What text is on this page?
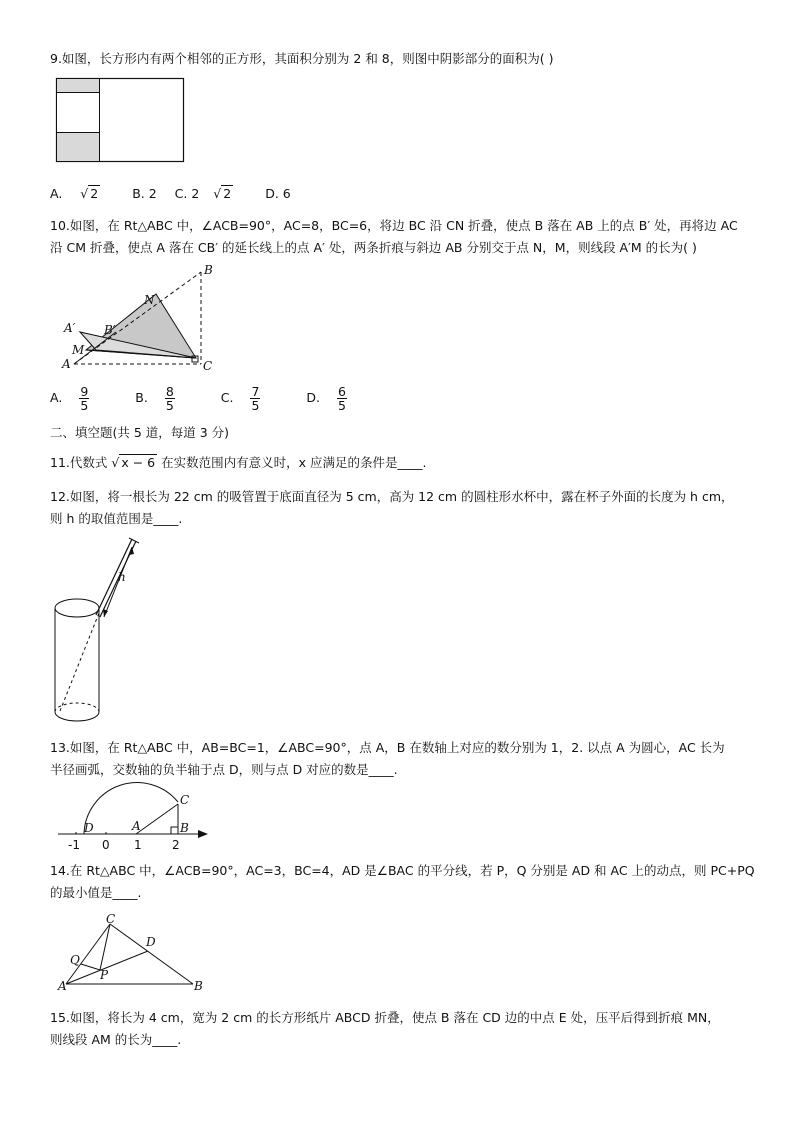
9.如图，长方形内有两个相邻的正方形，其面积分别为 2 和 8，则图中阴影部分的面积为( )
A. √ 2	B. 2 C. 2 √ 2	D. 6
10.如图，在 Rt△ABC 中，∠ACB=90°，AC=8，BC=6，将边 BC 沿 CN 折叠，使点 B 落在 AB 上的点 B′ 处，再将边 AC
沿 CM 折叠，使点 A 落在 CB′ 的延长线上的点 A′ 处，两条折痕与斜边 AB 分别交于点 N，M，则线段 A′M 的长为( )
A
A′
M
B′
N
B
C
A. $\frac{9}{5}$	B. $\frac{8}{5}$	C. $\frac{7}{5}$	D. $\frac{6}{5}$
二、填空题(共 5 道，每道 3 分)
11.代数式 √ x − 6 在实数范围内有意义时，x 应满足的条件是____.
12.如图，将一根长为 22 cm 的吸管置于底面直径为 5 cm，高为 12 cm 的圆柱形水杯中，露在杯子外面的长度为 h cm，
则 h 的取值范围是____.
h
13.如图，在 Rt△ABC 中，AB=BC=1，∠ABC=90°，点 A，B 在数轴上对应的数分别为 1，2. 以点 A 为圆心，AC 长为
半径画弧，交数轴的负半轴于点 D，则与点 D 对应的数是____.
D	A	B
C
-1 0 1	2
14.在 Rt△ABC 中，∠ACB=90°，AC=3，BC=4，AD 是∠BAC 的平分线，若 P，Q 分别是 AD 和 AC 上的动点，则 PC+PQ
的最小值是____.
A	B
C
D
P
Q
15.如图，将长为 4 cm，宽为 2 cm 的长方形纸片 ABCD 折叠，使点 B 落在 CD 边的中点 E 处，压平后得到折痕 MN，
则线段 AM 的长为____.
